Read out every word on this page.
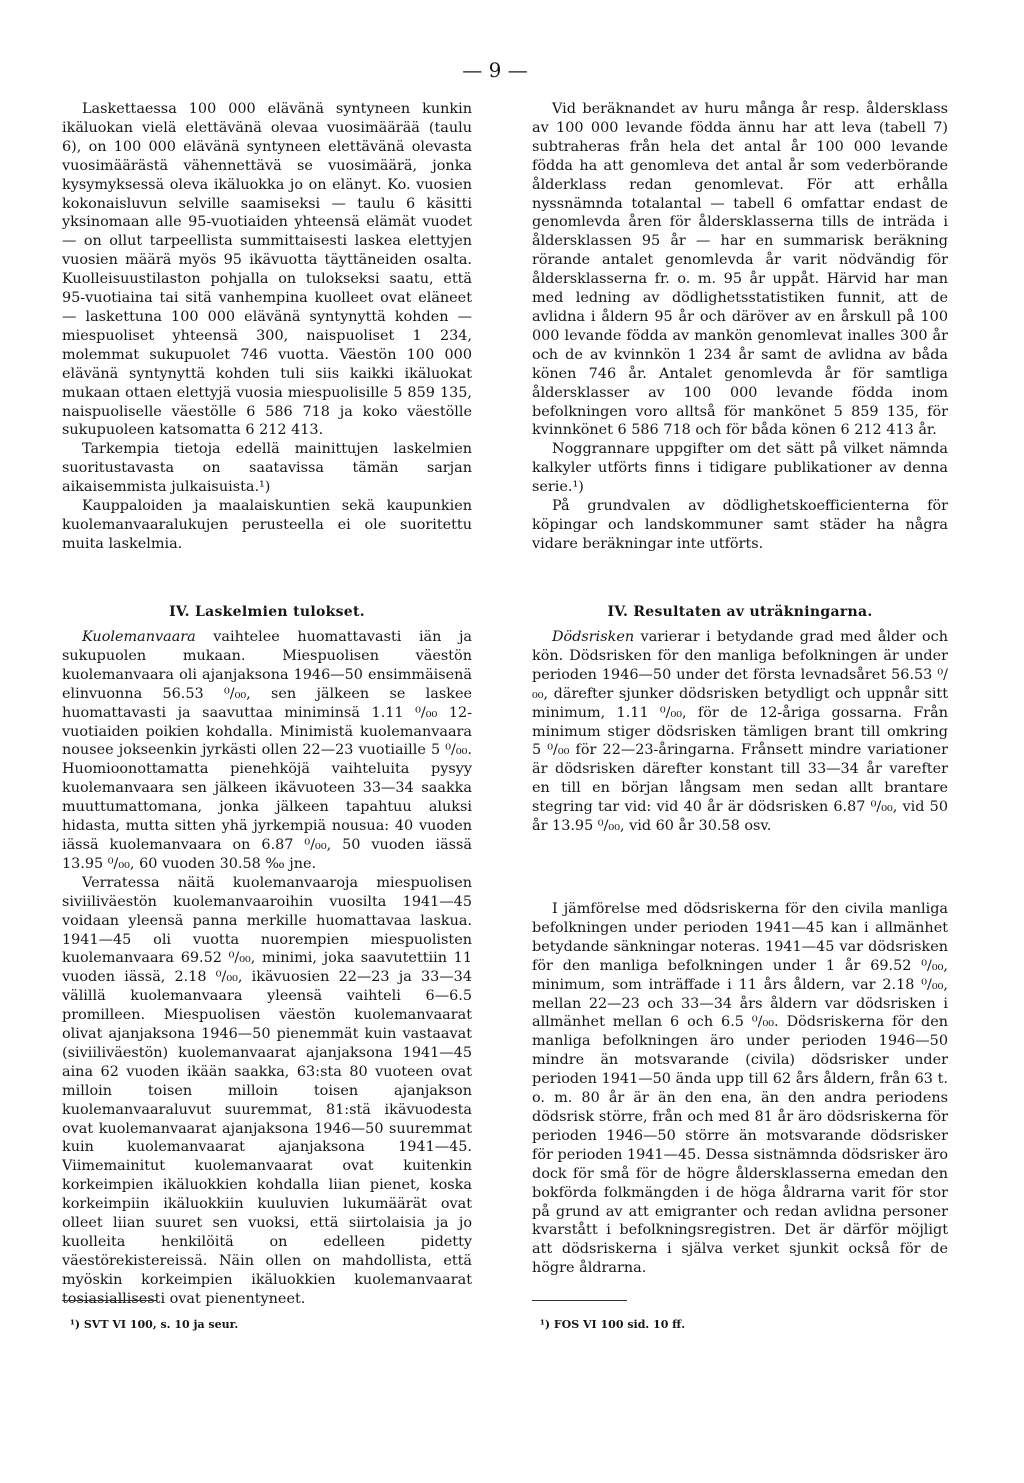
— 9 —

Laskettaessa 100 000 elävänä syntyneen kunkin ikäluokan vielä elettävänä olevaa vuosimäärää (taulu 6), on 100 000 elävänä syntyneen elettävänä olevasta vuosimäärästä vähennettävä se vuosimäärä, jonka kysymyksessä oleva ikäluokka jo on elänyt. Ko. vuosien kokonaisluvun selville saamiseksi — taulu 6 käsitti yksinomaan alle 95-vuotiaiden yhteensä elämät vuodet — on ollut tarpeellista summittaisesti laskea elettyjen vuosien määrä myös 95 ikävuotta täyttäneiden osalta. Kuolleisuustilaston pohjalla on tulokseksi saatu, että 95-vuotiaina tai sitä vanhempina kuolleet ovat eläneet — laskettuna 100 000 elävänä syntynyttä kohden — miespuoliset yhteensä 300, naispuoliset 1 234, molemmat sukupuolet 746 vuotta. Väestön 100 000 elävänä syntynyttä kohden tuli siis kaikki ikäluokat mukaan ottaen elettyjä vuosia miespuolisille 5 859 135, naispuoliselle väestölle 6 586 718 ja koko väestölle sukupuoleen katsomatta 6 212 413.

Tarkempia tietoja edellä mainittujen laskelmien suoritustavasta on saatavissa tämän sarjan aikaisemmista julkaisuista.¹)

Kauppaloiden ja maalaiskuntien sekä kaupunkien kuolemanvaaralukujen perusteella ei ole suoritettu muita laskelmia.

IV. Laskelmien tulokset.

Kuolemanvaara vaihtelee huomattavasti iän ja sukupuolen mukaan. Miespuolisen väestön kuolemanvaara oli ajanjaksona 1946—50 ensimmäisenä elinvuonna 56.53 ⁰/₀₀, sen jälkeen se laskee huomattavasti ja saavuttaa miniminsä 1.11 ⁰/₀₀ 12-vuotiaiden poikien kohdalla. Minimistä kuolemanvaara nousee jokseenkin jyrkästi ollen 22—23 vuotiaille 5 ⁰/₀₀. Huomioonottamatta pienehköjä vaihteluita pysyy kuolemanvaara sen jälkeen ikävuoteen 33—34 saakka muuttumattomana, jonka jälkeen tapahtuu aluksi hidasta, mutta sitten yhä jyrkempiä nousua: 40 vuoden iässä kuolemanvaara on 6.87 ⁰/₀₀, 50 vuoden iässä 13.95 ⁰/₀₀, 60 vuoden 30.58 ‰ jne.

Verratessa näitä kuolemanvaaroja miespuolisen siviiliväestön kuolemanvaaroihin vuosilta 1941—45 voidaan yleensä panna merkille huomattavaa laskua. 1941—45 oli vuotta nuorempien miespuolisten kuolemanvaara 69.52 ⁰/₀₀, minimi, joka saavutettiin 11 vuoden iässä, 2.18 ⁰/₀₀, ikävuosien 22—23 ja 33—34 välillä kuolemanvaara yleensä vaihteli 6—6.5 promilleen. Miespuolisen väestön kuolemanvaarat olivat ajanjaksona 1946—50 pienemmät kuin vastaavat (siviiliväestön) kuolemanvaarat ajanjaksona 1941—45 aina 62 vuoden ikään saakka, 63:sta 80 vuoteen ovat milloin toisen milloin toisen ajanjakson kuolemanvaaraluvut suuremmat, 81:stä ikävuodesta ovat kuolemanvaarat ajanjaksona 1946—50 suuremmat kuin kuolemanvaarat ajanjaksona 1941—45. Viimemainitut kuolemanvaarat ovat kuitenkin korkeimpien ikäluokkien kohdalla liian pienet, koska korkeimpiin ikäluokkiin kuuluvien lukumäärät ovat olleet liian suuret sen vuoksi, että siirtolaisia ja jo kuolleita henkilöitä on edelleen pidetty väestörekistereissä. Näin ollen on mahdollista, että myöskin korkeimpien ikäluokkien kuolemanvaarat tosiasiallisesti ovat pienentyneet.

¹) SVT VI 100, s. 10 ja seur.

Vid beräknandet av huru många år resp. åldersklass av 100 000 levande födda ännu har att leva (tabell 7) subtraheras från hela det antal år 100 000 levande födda ha att genomleva det antal år som vederbörande ålderklass redan genomlevat. För att erhålla nyssnämnda totalantal — tabell 6 omfattar endast de genomlevda åren för åldersklasserna tills de inträda i åldersklassen 95 år — har en summarisk beräkning rörande antalet genomlevda år varit nödvändig för åldersklasserna fr. o. m. 95 år uppåt. Härvid har man med ledning av dödlighetsstatistiken funnit, att de avlidna i åldern 95 år och däröver av en årskull på 100 000 levande födda av mankön genomlevat inalles 300 år och de av kvinnkön 1 234 år samt de avlidna av båda könen 746 år. Antalet genomlevda år för samtliga åldersklasser av 100 000 levande födda inom befolkningen voro alltså för mankönet 5 859 135, för kvinnkönet 6 586 718 och för båda könen 6 212 413 år.

Noggrannare uppgifter om det sätt på vilket nämnda kalkyler utförts finns i tidigare publikationer av denna serie.¹)

På grundvalen av dödlighetskoefficienterna för köpingar och landskommuner samt städer ha några vidare beräkningar inte utförts.

IV. Resultaten av uträkningarna.

Dödsrisken varierar i betydande grad med ålder och kön. Dödsrisken för den manliga befolkningen är under perioden 1946—50 under det första levnadsåret 56.53 ⁰/₀₀, därefter sjunker dödsrisken betydligt och uppnår sitt minimum, 1.11 ⁰/₀₀, för de 12-åriga gossarna. Från minimum stiger dödsrisken tämligen brant till omkring 5 ⁰/₀₀ för 22—23-åringarna. Frånsett mindre variationer är dödsrisken därefter konstant till 33—34 år varefter en till en början långsam men sedan allt brantare stegring tar vid: vid 40 år är dödsrisken 6.87 ⁰/₀₀, vid 50 år 13.95 ⁰/₀₀, vid 60 år 30.58 osv.

I jämförelse med dödsriskerna för den civila manliga befolkningen under perioden 1941—45 kan i allmänhet betydande sänkningar noteras. 1941—45 var dödsrisken för den manliga befolkningen under 1 år 69.52 ⁰/₀₀, minimum, som inträffade i 11 års åldern, var 2.18 ⁰/₀₀, mellan 22—23 och 33—34 års åldern var dödsrisken i allmänhet mellan 6 och 6.5 ⁰/₀₀. Dödsriskerna för den manliga befolkningen äro under perioden 1946—50 mindre än motsvarande (civila) dödsrisker under perioden 1941—50 ända upp till 62 års åldern, från 63 t. o. m. 80 år är än den ena, än den andra periodens dödsrisk större, från och med 81 år äro dödsriskerna för perioden 1946—50 större än motsvarande dödsrisker för perioden 1941—45. Dessa sistnämnda dödsrisker äro dock för små för de högre åldersklasserna emedan den bokförda folkmängden i de höga åldrarna varit för stor på grund av att emigranter och redan avlidna personer kvarstått i befolkningsregistren. Det är därför möjligt att dödsriskerna i själva verket sjunkit också för de högre åldrarna.

¹) FOS VI 100 sid. 10 ff.
